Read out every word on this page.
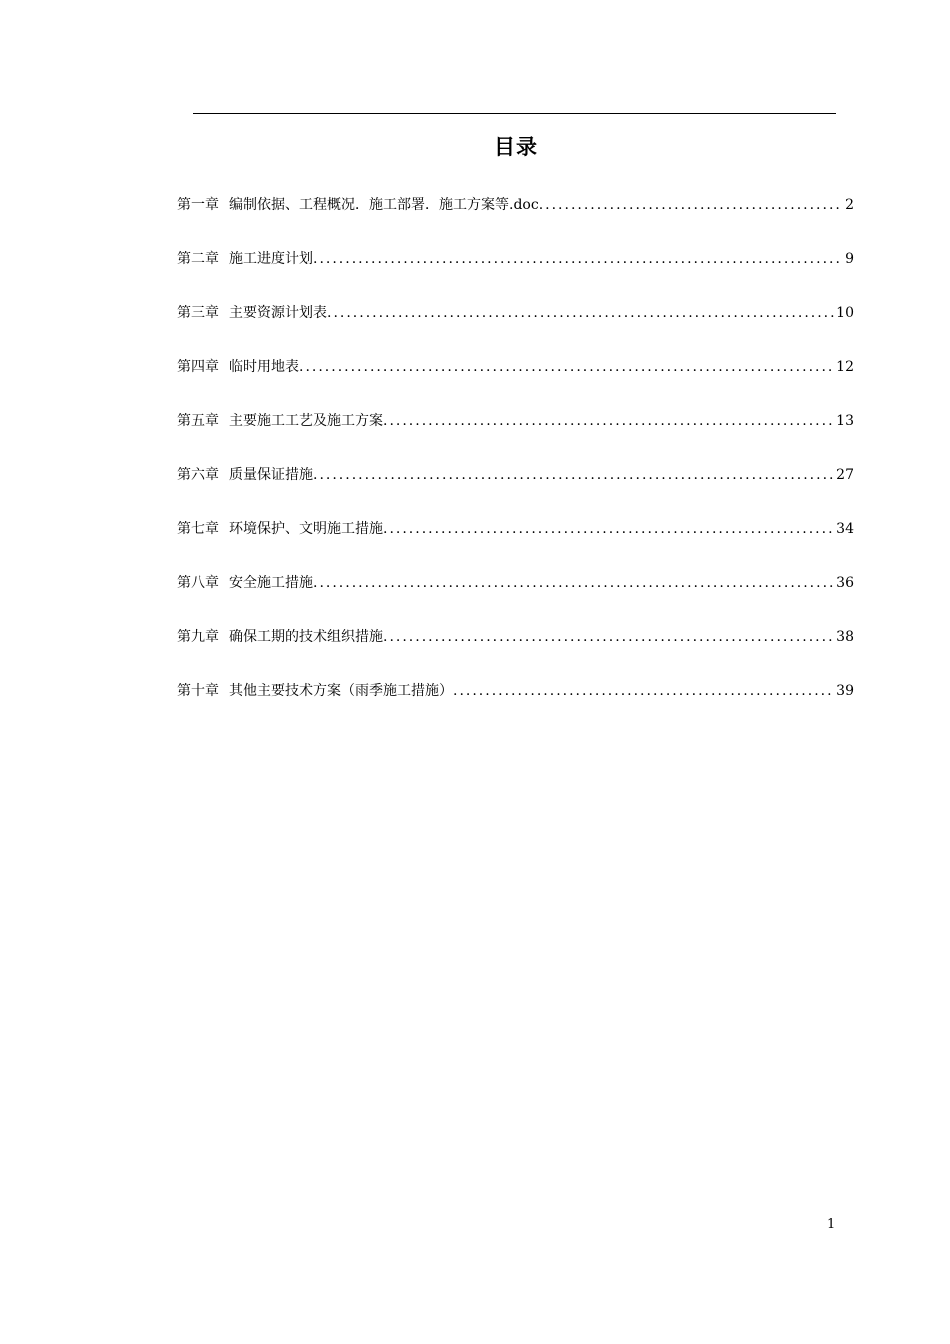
目录
第一章 编制依据、工程概况．施工部署．施工方案等.doc .....	2
第二章 施工进度计划 .....	9
第三章 主要资源计划表 .....	10
第四章 临时用地表 .....	12
第五章 主要施工工艺及施工方案 .....	13
第六章 质量保证措施 .....	27
第七章 环境保护、文明施工措施 .....	34
第八章 安全施工措施 .....	36
第九章 确保工期的技术组织措施 .....	38
第十章 其他主要技术方案（雨季施工措施） .....	39
1
